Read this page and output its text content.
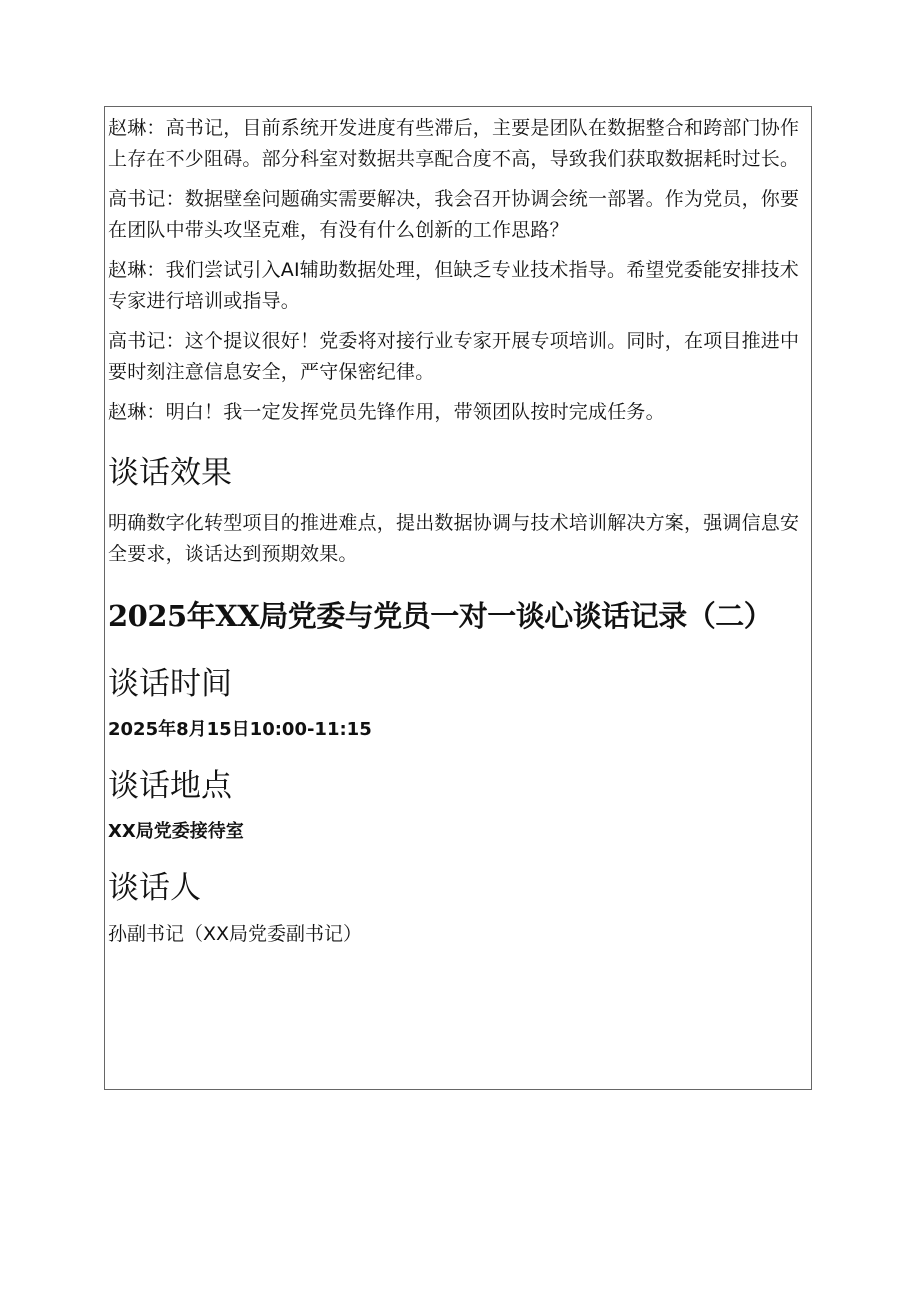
赵琳：高书记，目前系统开发进度有些滞后，主要是团队在数据整合和跨部门协作上存在不少阻碍。部分科室对数据共享配合度不高，导致我们获取数据耗时过长。

高书记：数据壁垒问题确实需要解决，我会召开协调会统一部署。作为党员，你要在团队中带头攻坚克难，有没有什么创新的工作思路？

赵琳：我们尝试引入AI辅助数据处理，但缺乏专业技术指导。希望党委能安排技术专家进行培训或指导。

高书记：这个提议很好！党委将对接行业专家开展专项培训。同时，在项目推进中要时刻注意信息安全，严守保密纪律。

赵琳：明白！我一定发挥党员先锋作用，带领团队按时完成任务。

谈话效果

明确数字化转型项目的推进难点，提出数据协调与技术培训解决方案，强调信息安全要求，谈话达到预期效果。

2025年XX局党委与党员一对一谈心谈话记录（二）
谈话时间

2025年8月15日10:00-11:15

谈话地点

XX局党委接待室

谈话人

孙副书记（XX局党委副书记）
